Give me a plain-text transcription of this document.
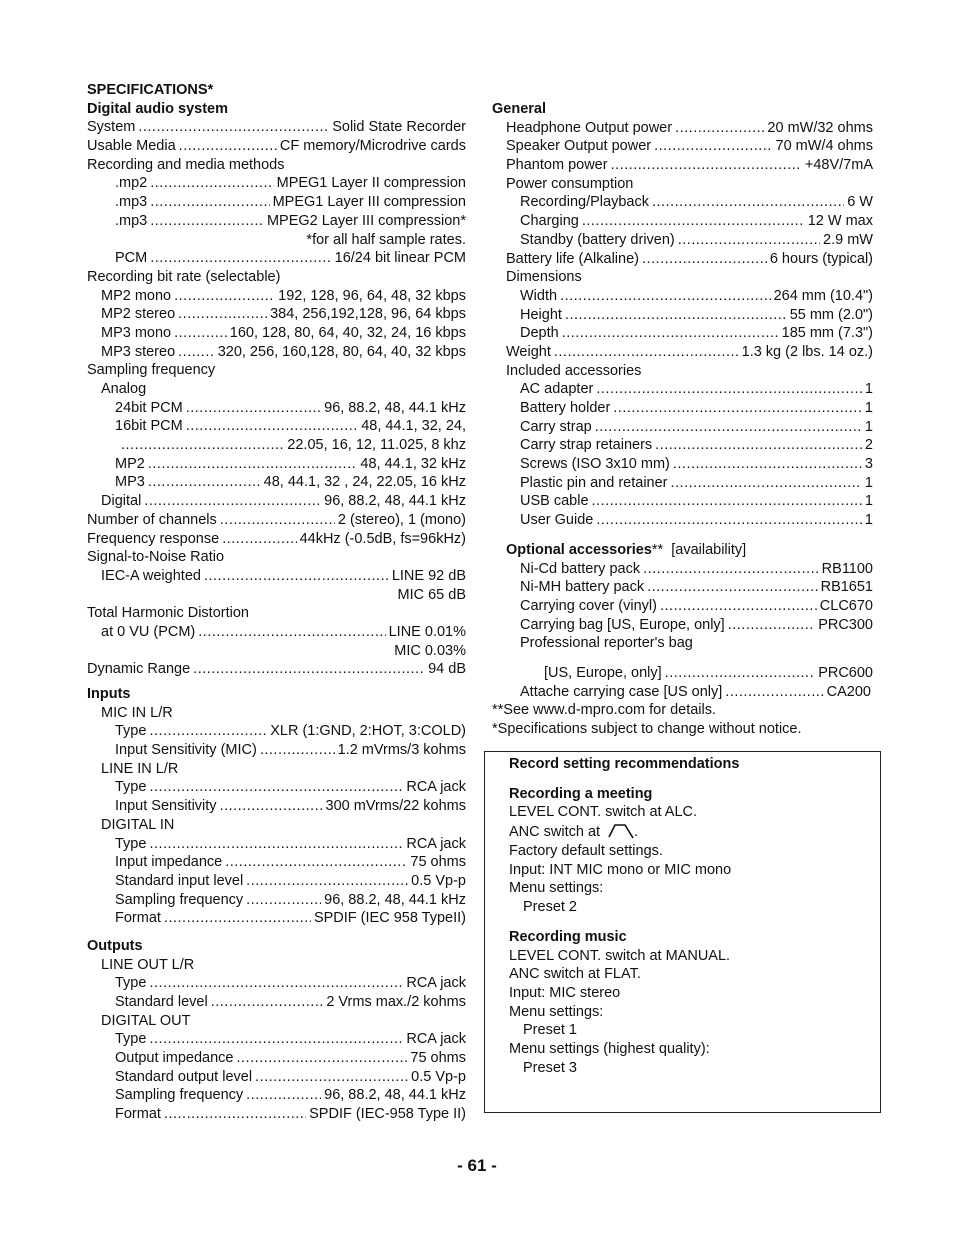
SPECIFICATIONS*
Digital audio system
System .....	Solid State Recorder
Usable Media .....	CF memory/Microdrive cards
Recording and media methods
.mp2 .....	MPEG1 Layer II compression
.mp3 .....	MPEG1 Layer III compression
.mp3 .....	MPEG2 Layer III compression*
*for all half sample rates.
PCM .....	16/24 bit linear PCM
Recording bit rate (selectable)
MP2 mono .....	192, 128, 96, 64, 48, 32 kbps
MP2 stereo .....	384, 256,192,128, 96, 64 kbps
MP3 mono .....	160, 128, 80, 64, 40, 32, 24, 16 kbps
MP3 stereo .....	320, 256, 160,128, 80, 64, 40, 32 kbps
Sampling frequency
Analog
24bit PCM .....	96, 88.2, 48, 44.1 kHz
16bit PCM .....	48, 44.1, 32, 24,
.....
22.05, 16, 12, 11.025, 8 khz
MP2 .....	48, 44.1, 32 kHz
MP3 .....	48, 44.1, 32 , 24, 22.05, 16 kHz
Digital .....	96, 88.2, 48, 44.1 kHz
Number of channels .....	2 (stereo), 1 (mono)
Frequency response .....	44kHz (-0.5dB, fs=96kHz)
Signal-to-Noise Ratio
IEC-A weighted .....	LINE 92 dB
MIC 65 dB
Total Harmonic Distortion
at 0 VU (PCM) .....	LINE 0.01%
MIC 0.03%
Dynamic Range .....	94 dB
Inputs
MIC IN L/R
Type .....	XLR (1:GND, 2:HOT, 3:COLD)
Input Sensitivity (MIC) .....	1.2 mVrms/3 kohms
LINE IN L/R
Type .....	RCA jack
Input Sensitivity .....	300 mVrms/22 kohms
DIGITAL IN
Type .....	RCA jack
Input impedance .....	75 ohms
Standard input level .....	0.5 Vp-p
Sampling frequency .....	96, 88.2, 48, 44.1 kHz
Format .....	SPDIF (IEC 958 TypeII)
Outputs
LINE OUT L/R
Type .....	RCA jack
Standard level .....	2 Vrms max./2 kohms
DIGITAL OUT
Type .....	RCA jack
Output impedance .....	75 ohms
Standard output level .....	0.5 Vp-p
Sampling frequency .....	96, 88.2, 48, 44.1 kHz
Format .....	SPDIF (IEC-958 Type II)
General
Headphone Output power .....	20 mW/32 ohms
Speaker Output power .....	70 mW/4 ohms
Phantom power .....	+48V/7mA
Power consumption
Recording/Playback .....	6 W
Charging .....	12 W max
Standby (battery driven) .....	2.9 mW
Battery life (Alkaline) .....	6 hours (typical)
Dimensions
Width .....	264 mm (10.4")
Height .....	55 mm (2.0")
Depth .....	185 mm (7.3")
Weight .....	1.3 kg (2 lbs. 14 oz.)
Included accessories
AC adapter .....	1
Battery holder .....	1
Carry strap .....	1
Carry strap retainers .....	2
Screws (ISO 3x10 mm) .....	3
Plastic pin and retainer .....	1
USB cable .....	1
User Guide .....	1
Optional accessories** [availability]
Ni-Cd battery pack .....	RB1100
Ni-MH battery pack .....	RB1651
Carrying cover (vinyl) .....	CLC670
Carrying bag [US, Europe, only] .....	PRC300
Professional reporter's bag
[US, Europe, only] .....	PRC600
Attache carrying case [US only] .....	CA200
**See www.d-mpro.com for details.
*Specifications subject to change without notice.
Record setting recommendations
Recording a meeting
LEVEL CONT. switch at ALC.
ANC switch at .
Factory default settings.
Input: INT MIC mono or MIC mono
Menu settings:
Preset 2
Recording music
LEVEL CONT. switch at MANUAL.
ANC switch at FLAT.
Input: MIC stereo
Menu settings:
Preset 1
Menu settings (highest quality):
Preset 3
- 61 -
